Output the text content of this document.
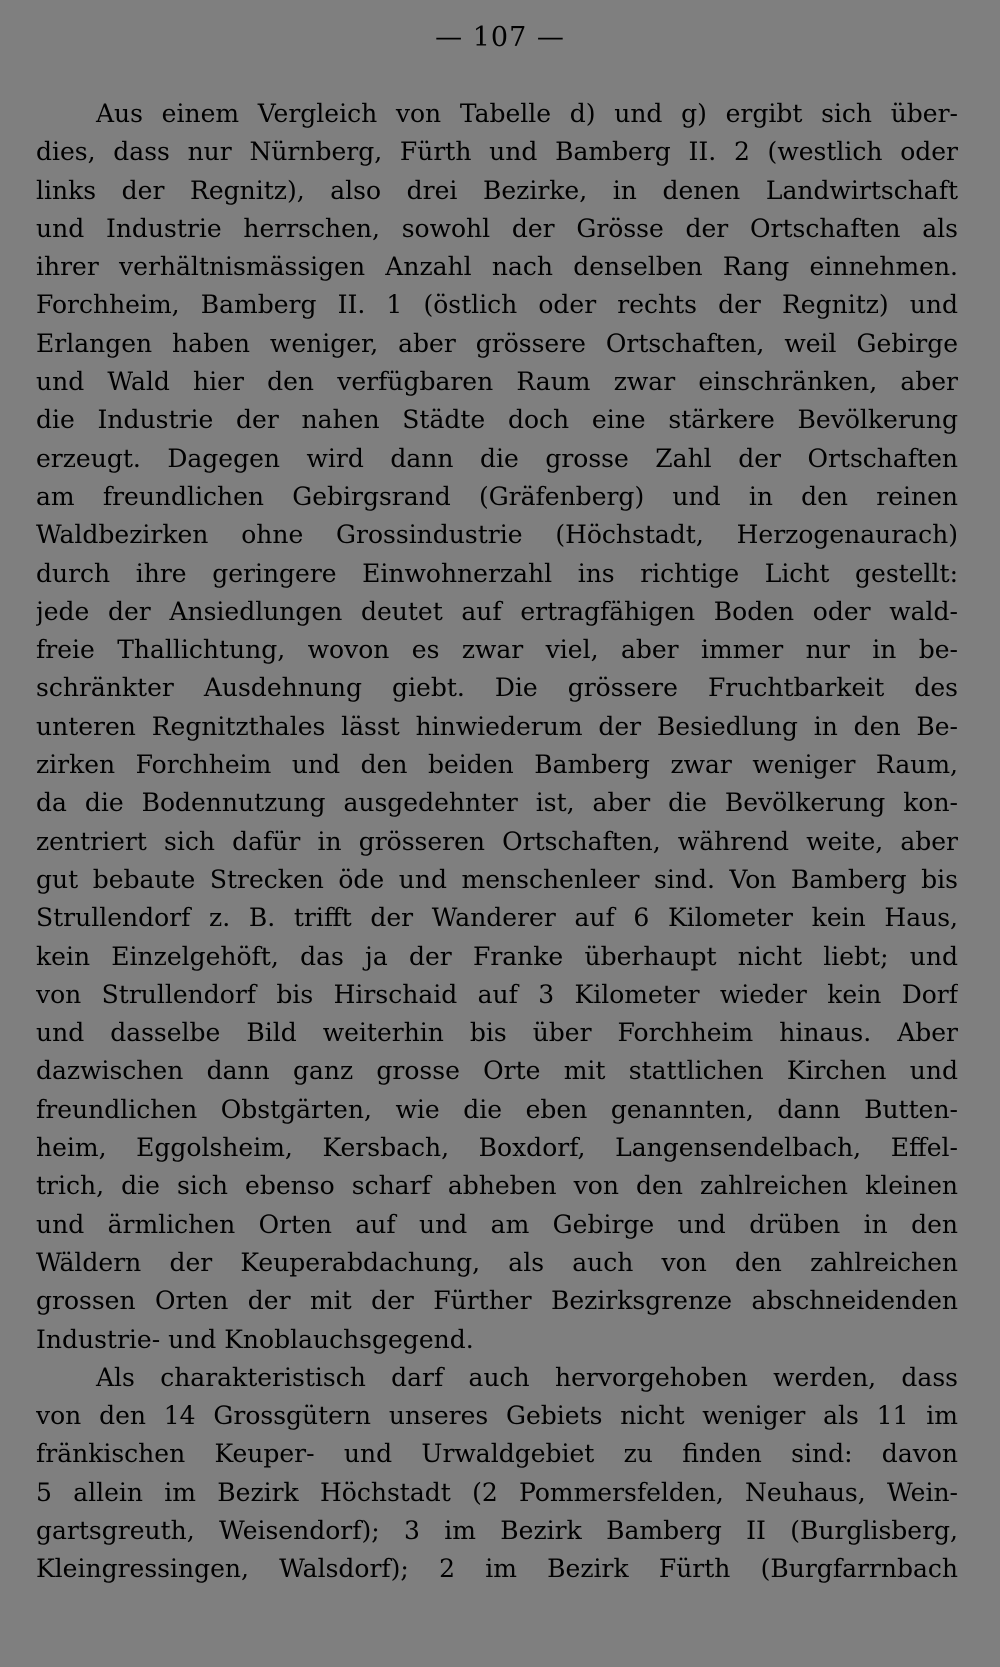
— 107 —
Aus einem Vergleich von Tabelle d) und g) ergibt sich über-
dies, dass nur Nürnberg, Fürth und Bamberg II. 2 (westlich oder
links der Regnitz), also drei Bezirke, in denen Landwirtschaft
und Industrie herrschen, sowohl der Grösse der Ortschaften als
ihrer verhältnismässigen Anzahl nach denselben Rang einnehmen.
Forchheim, Bamberg II. 1 (östlich oder rechts der Regnitz) und
Erlangen haben weniger, aber grössere Ortschaften, weil Gebirge
und Wald hier den verfügbaren Raum zwar einschränken, aber
die Industrie der nahen Städte doch eine stärkere Bevölkerung
erzeugt. Dagegen wird dann die grosse Zahl der Ortschaften
am freundlichen Gebirgsrand (Gräfenberg) und in den reinen
Waldbezirken ohne Grossindustrie (Höchstadt, Herzogenaurach)
durch ihre geringere Einwohnerzahl ins richtige Licht gestellt:
jede der Ansiedlungen deutet auf ertragfähigen Boden oder wald-
freie Thallichtung, wovon es zwar viel, aber immer nur in be-
schränkter Ausdehnung giebt. Die grössere Fruchtbarkeit des
unteren Regnitzthales lässt hinwiederum der Besiedlung in den Be-
zirken Forchheim und den beiden Bamberg zwar weniger Raum,
da die Bodennutzung ausgedehnter ist, aber die Bevölkerung kon-
zentriert sich dafür in grösseren Ortschaften, während weite, aber
gut bebaute Strecken öde und menschenleer sind. Von Bamberg bis
Strullendorf z. B. trifft der Wanderer auf 6 Kilometer kein Haus,
kein Einzelgehöft, das ja der Franke überhaupt nicht liebt; und
von Strullendorf bis Hirschaid auf 3 Kilometer wieder kein Dorf
und dasselbe Bild weiterhin bis über Forchheim hinaus. Aber
dazwischen dann ganz grosse Orte mit stattlichen Kirchen und
freundlichen Obstgärten, wie die eben genannten, dann Butten-
heim, Eggolsheim, Kersbach, Boxdorf, Langensendelbach, Effel-
trich, die sich ebenso scharf abheben von den zahlreichen kleinen
und ärmlichen Orten auf und am Gebirge und drüben in den
Wäldern der Keuperabdachung, als auch von den zahlreichen
grossen Orten der mit der Fürther Bezirksgrenze abschneidenden
Industrie- und Knoblauchsgegend.
Als charakteristisch darf auch hervorgehoben werden, dass
von den 14 Grossgütern unseres Gebiets nicht weniger als 11 im
fränkischen Keuper- und Urwaldgebiet zu finden sind: davon
5 allein im Bezirk Höchstadt (2 Pommersfelden, Neuhaus, Wein-
gartsgreuth, Weisendorf); 3 im Bezirk Bamberg II (Burglisberg,
Kleingressingen, Walsdorf); 2 im Bezirk Fürth (Burgfarrnbach
